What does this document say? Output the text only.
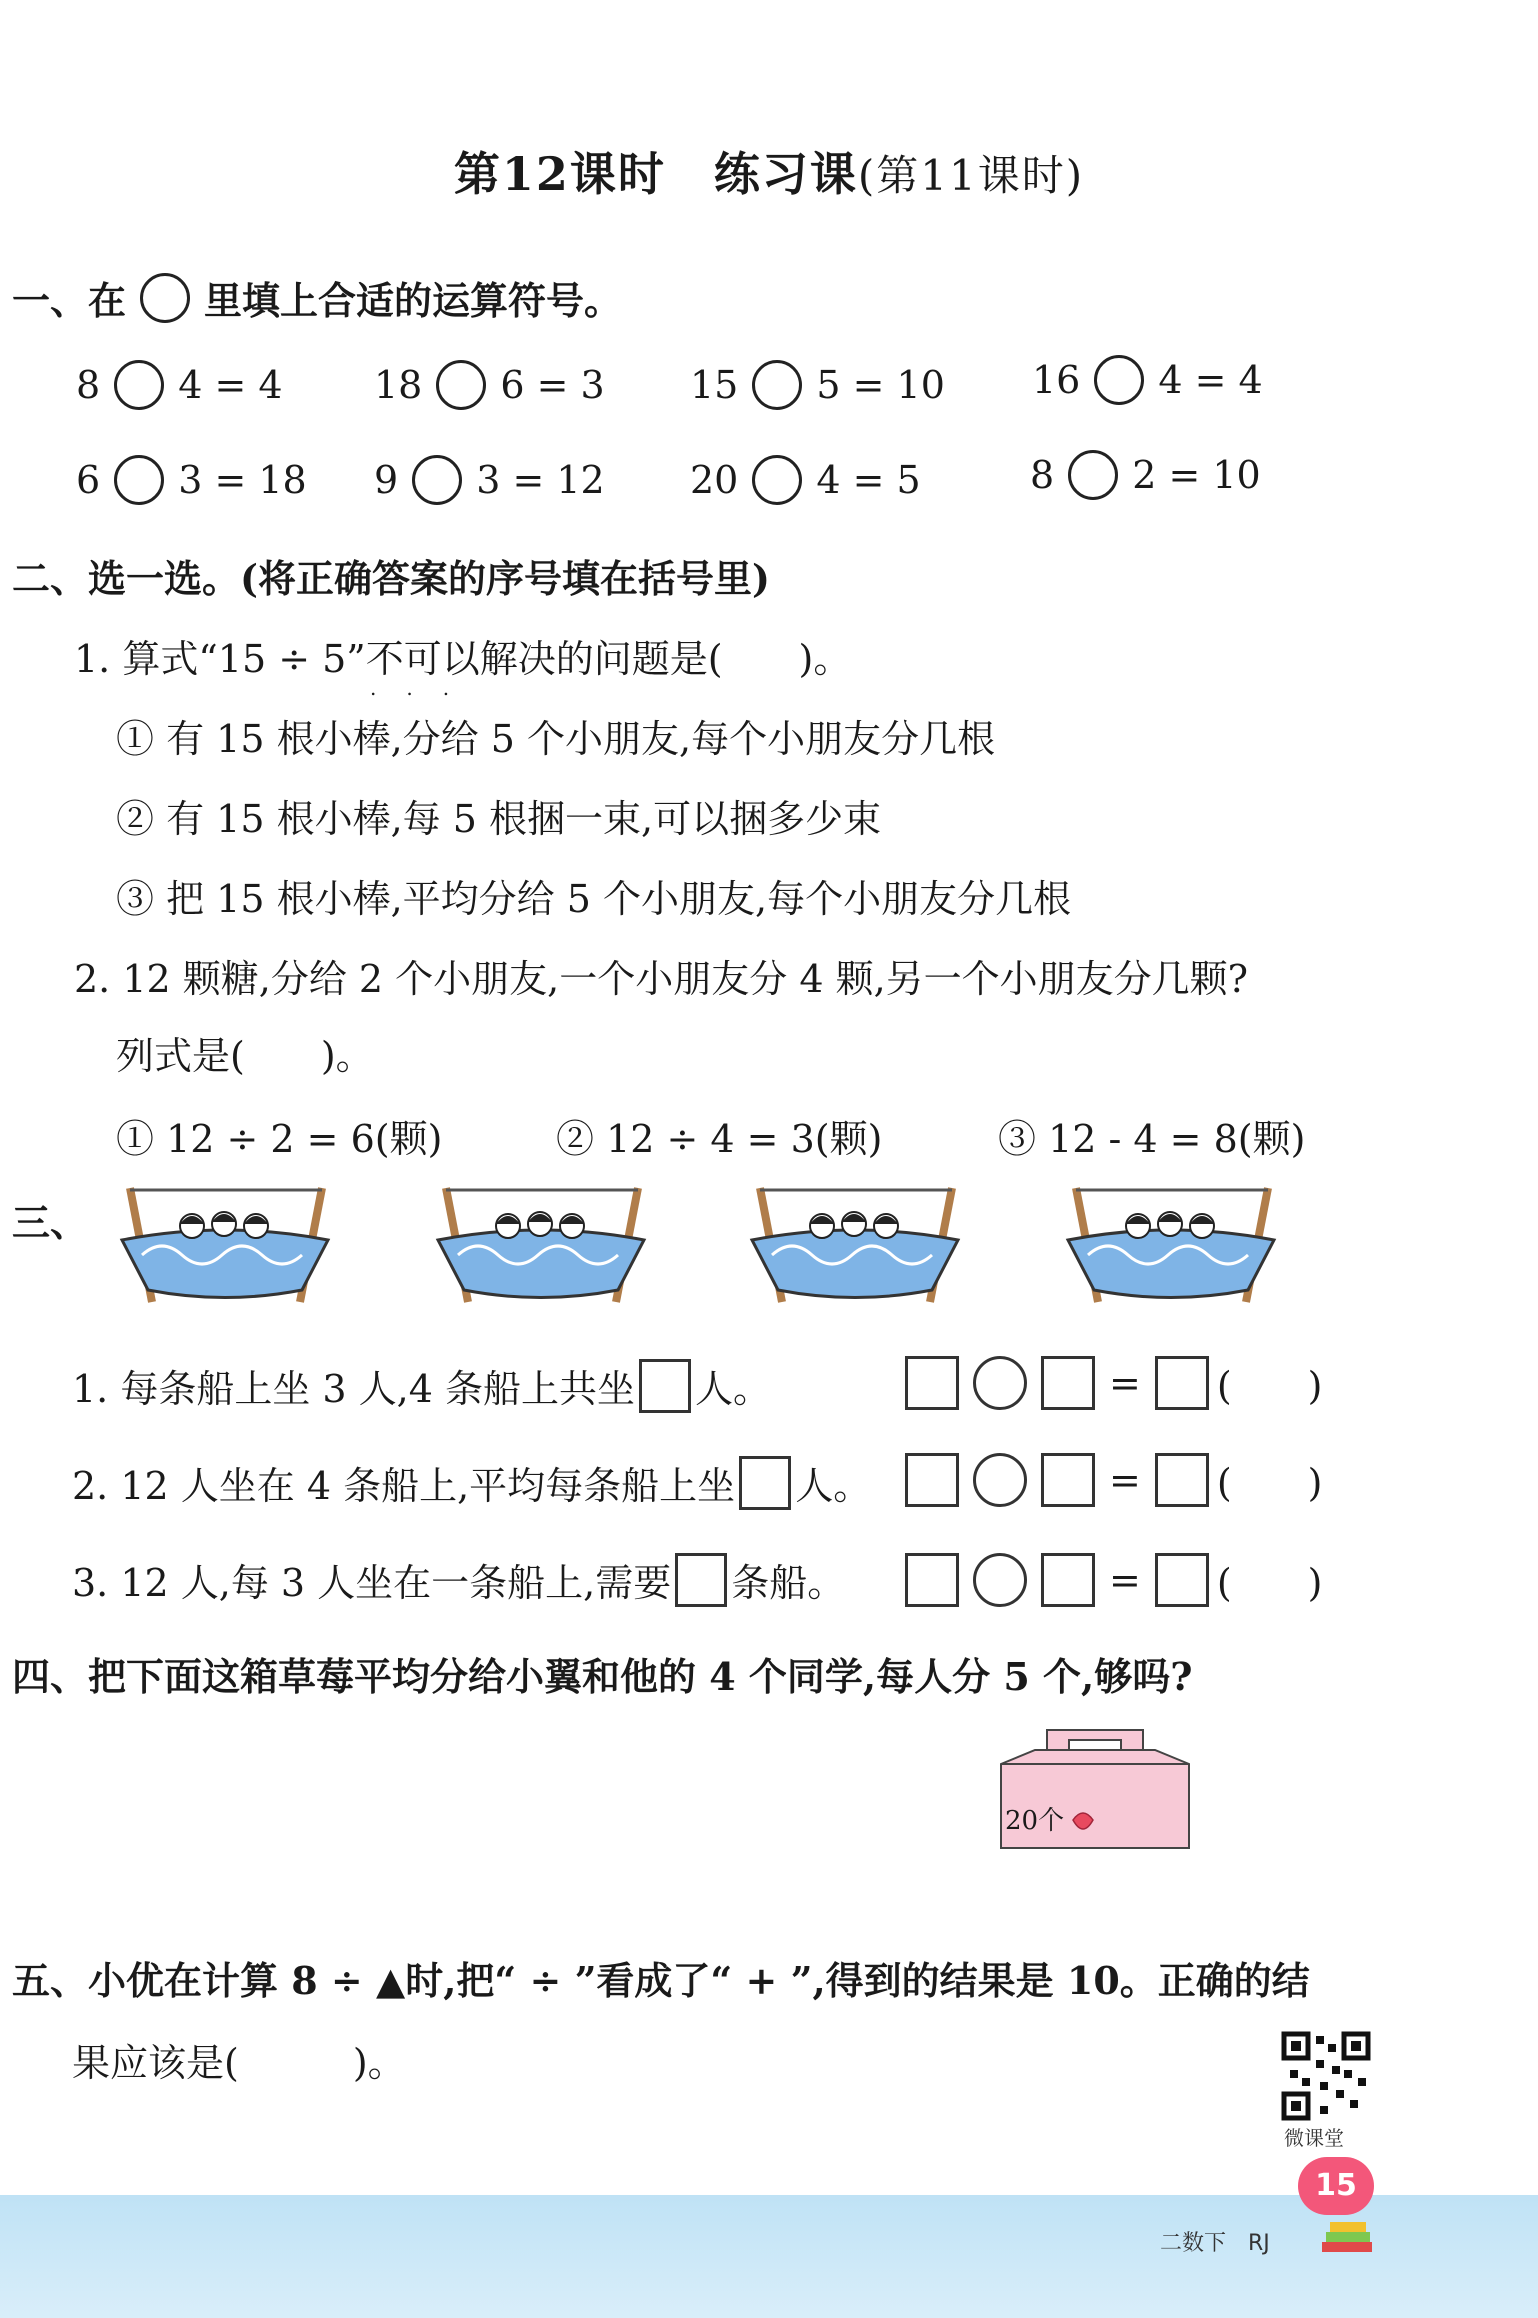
第12课时　练习课(第11课时)
一、在 里填上合适的运算符号。
8 4 = 4 18 6 = 3 15 5 = 10 16 4 = 4
6 3 = 18 9 3 = 12 20 4 = 5	8 2 = 10
二、选一选。(将正确答案的序号填在括号里)
1. 算式“15 ÷ 5”不可以解决的问题是(　　)。
...
① 有 15 根小棒,分给 5 个小朋友,每个小朋友分几根
② 有 15 根小棒,每 5 根捆一束,可以捆多少束
③ 把 15 根小棒,平均分给 5 个小朋友,每个小朋友分几根
2. 12 颗糖,分给 2 个小朋友,一个小朋友分 4 颗,另一个小朋友分几颗?
列式是(　　)。
① 12 ÷ 2 = 6(颗)	② 12 ÷ 4 = 3(颗)	③ 12 - 4 = 8(颗)
三、
1. 每条船上坐 3 人,4 条船上共坐 人。	= (　　)
2. 12 人坐在 4 条船上,平均每条船上坐 人。	= (　　)
3. 12 人,每 3 人坐在一条船上,需要 条船。	= (　　)
四、把下面这箱草莓平均分给小翼和他的 4 个同学,每人分 5 个,够吗?
20个
五、小优在计算 8 ÷ ▲时,把“ ÷ ”看成了“ + ”,得到的结果是 10。正确的结
果应该是(　　　)。
微课堂
15
二数下　RJ
